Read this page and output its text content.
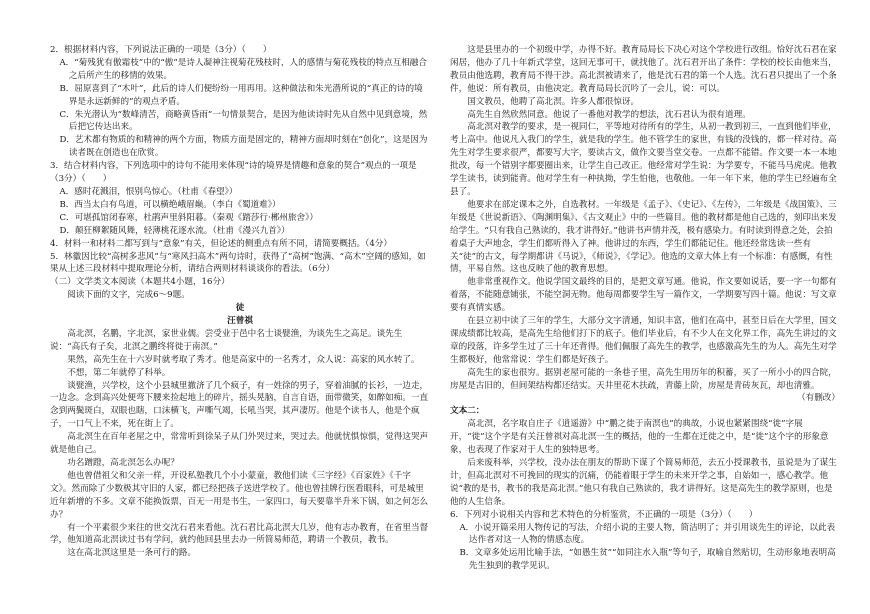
2．根据材料内容，下列说法正确的一项是（3分）（　　）

A．“菊残犹有傲霜枝”中的“傲”是诗人凝神注视菊花残枝时，人的感情与菊花残枝的特点互相融合之后所产生的移情的效果。

B．屈原喜到了“木叶”，此后的诗人们便纷纷一用再用。这种做法和朱光潜所说的“真正的诗的境界是永远新鲜的”的观点矛盾。

C．朱光潜认为“数峰清苦，商略黄昏雨”一句情景契合，是因为他读诗时先从自然中见到意境，然后把它传达出来。

D．艺术都有物质的和精神的两个方面，物质方面是固定的，精神方面却时刻在“创化”，这是因为读者既在创造也在欣赏。

3．结合材料内容，下列选项中的诗句不能用来体现“诗的境界是情趣和意象的契合”观点的一项是（3分）（　　）

A．感时花溅泪，恨别鸟惊心。（杜甫《春望》）

B．西当太白有鸟道，可以横绝峨眉巅。（李白《蜀道难》）

C．可堪孤馆闭春寒，杜鹃声里斜阳暮。（秦观《踏莎行·郴州旅舍》）

D．颠狂柳絮随风舞，轻薄桃花逐水流。（杜甫《漫兴九首》）

4．材料一和材料二都写到与“意象”有关，但论述的侧重点有所不同，请简要概括。（4分）

5．林徽因比较“高树多悲风”与“寒风扫高木”两句诗时，获得了“高树”饱满、“高木”空阔的感知，如果从上述三段材料中提取理论分析，请结合两则材料谈谈你的看法。（6分）

（二）文学类文本阅读（本题共4小题，16分）

阅读下面的文字，完成6～9题。

徒

汪曾祺

高北溟，名鹏，字北溟，家世业儒。尝受业于邑中名士谈甓渔，为谈先生之高足。谈先生说：“高氏有子矣，北溟之鹏终将徙于南溟。”

果然，高先生在十六岁时就考取了秀才。他是高家中的一名秀才，众人说：高家的风水转了。

不想，第二年就停了科举。

谈甓渔，兴学校，这个小县城里撤济了几个疯子，有一姓徐的男子，穿着油腻的长衫，一边走，一边念。念到高兴处便弯下腰来捡起地上的碎片，摇头晃脑，自言自语，面带微笑，如醉如痴。一直念到两鬓斑白，双眼也瞎，口沫横飞，声嘶气竭，长吼当哭，其声凄厉。他是个读书人，他是个疯子，一口气上不来，死在街上了。

高北溟生在百年老屋之中，常常听到徐呆子从门外哭过来，哭过去。他就忧惧惊惧，觉得这哭声就是他自己。

功名蹭蹬，高北溟怎么办呢？

他也曾借祖父和父亲一样，开设私塾教几个小小蒙童，教他们读《三字经》《百家姓》《千字文》。然而除了少数极其守旧的人家，都已经把孩子送进学校了。他也曾挂牌行医看眼科，可是城里近年新增的不多。文章不能换饭票，百无一用是书生，一家四口，每天要靠半升米下锅，如之何怎么办？

有一个平素很少来往的世交沈石君来看他。沈石君比高北溟大几岁，他有志办教育，在省里当督学，他知道高北溟读过书有学问，就约他回县里去办一所简易师范，聘请一个教员，教书。

这在高北溟这里是一条可行的路。

这是县里办的一个初级中学，办得不好。教育局局长下决心对这个学校进行改组。恰好沈石君在家闲居，他办了几十年新式学堂，这回无事可干，就找他了。沈石君开出了条件：学校的校长由他来当，教员由他选聘，教育局不得干涉。高北溟被请来了，他是沈石君的第一个人选。沈石君只提出了一个条件，他说：所有教员，由他决定。教育局局长沉吟了一会儿，说：可以。

国文教员，他聘了高北溟。许多人都很惊讶。

高先生自然欣然同意。他说了一番他对教学的想法，沈石君认为很有道理。

高北溟对教学的要求，是一视同仁，平等地对待所有的学生，从初一教到初三，一直到他们毕业，考上高中。他说凡入我门的学生，就是我的学生。他不管学生的家世，有钱的没钱的，都一样对待。高先生对学生要求很严，都要写大字，要读古文，做作文要当堂交卷。一点都不能错。作文要一本一本地批改，每一个错别字都要圈出来，让学生自己改正。他经常对学生说：为学要专，不能马马虎虎。他教学生读书，读到能背。他对学生有一种执拗，学生怕他，也敬他。一年一年下来，他的学生已经遍布全县了。

他要求在部定课本之外，自选教材。一年级是《孟子》、《史记》、《左传》，二年级是《战国策》、三年级是《世说新语》、《陶渊明集》、《古文观止》中的一些篇目。他的教材都是他自己选的，刻印出来发给学生。“只有我自己熟读的，我才讲得好。”他讲书声情并茂，极有感染力。有时读到得意之处，会拍着桌子大声地念，学生们都听得入了神。他讲过的东西，学生们都能记住。他还经常选读一些有关“徒”的古文，每学期都讲《马说》，《师说》，《学记》。他选的文章大体上有一个标准：有感慨，有性情，平易自然。这也反映了他的教育思想。

他非常重视作文。他说学国文最终的目的，是把文章写通。他说，作文要如说话，要一字一句都有着落，不能随意铺张，不能空洞无物。他每周都要学生写一篇作文，一学期要写四十篇。他说：写文章要有真情实感。

在县立初中读了三年的学生，大部分文字清通，知识丰富，他们在高中，甚至日后在大学里，国文课成绩都比较高，是高先生给他们打下的底子。他们毕业后，有不少人在文化界工作，高先生讲过的文章的段落，许多学生过了三十年还背得。他们佩服了高先生的教学，也感激高先生的为人。高先生对学生都极好，他常常说：学生们都是好孩子。

高先生的家也很穷。据别老屋可能的一条巷子里，高先生用历年的积蓄，买了一所小小的四合院，房屋是古旧的，但间架结构都还结实。天井里花木扶疏，青藤上阶，房屋是青砖灰瓦，却也清雅。

（有删改）

文本二：

高北溟，名字取自庄子《逍遥游》中“鹏之徙于南溟也”的典故，小说也紧紧围绕“徙”字展开，“徙”这个字是有关汪曾祺对高北溟一生的概括，他的一生都在迁徙之中，是“徙”这个字的形象意象，也表现了作家对于人生的独特思考。

后来废科举，兴学校，没办法在朋友的帮助下谋了个简易师范，去五小授课教书，虽说是为了谋生计，但高北溟对不可挽回的现实的沉痛，仍能着眼于学生的未来开学之事，自始如一，感心教学。他说“教的是书，教书的我是高北溟。”他只有我自己熟读的，我才讲得好。这是高先生的教学原则，也是他的人生信条。

6．下列对小说相关内容和艺术特色的分析鉴赏，不正确的一项是（3分）（　　）

A．小说开篇采用人物传记的写法，介绍小说的主要人物，简洁明了；并引用谈先生的评论，以此表达作者对这一人物的情感态度。

B．文章多处运用比喻手法，“如愚生贫”“如同注水入瓶”等句子，取喻自然贴切，生动形象地表明高先生独到的教学见识。
